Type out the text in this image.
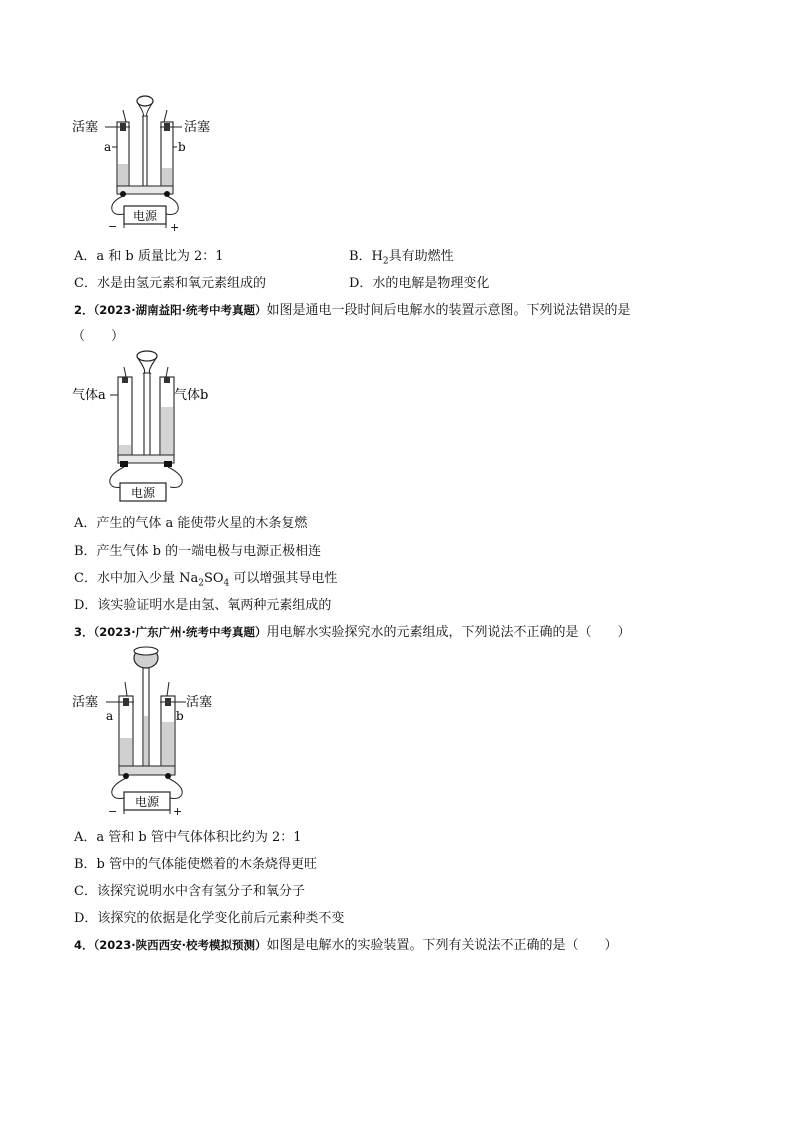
电源
−	+
活塞	活塞
a	b
A．a 和 b 质量比为 2：1	B．$H_2$具有助燃性
C．水是由氢元素和氧元素组成的	D．水的电解是物理变化
2．（2023·湖南益阳·统考中考真题）如图是通电一段时间后电解水的装置示意图。下列说法错误的是
（　　）
电源
气体a	气体b
A．产生的气体 a 能使带火星的木条复燃
B．产生气体 b 的一端电极与电源正极相连
C．水中加入少量 $Na_2SO_4$ 可以增强其导电性
D．该实验证明水是由氢、氧两种元素组成的
3．（2023·广东广州·统考中考真题）用电解水实验探究水的元素组成，下列说法不正确的是（　　）
电源
−	+
活塞	活塞
a	b
A．a 管和 b 管中气体体积比约为 2：1
B．b 管中的气体能使燃着的木条烧得更旺
C．该探究说明水中含有氢分子和氧分子
D．该探究的依据是化学变化前后元素种类不变
4．（2023·陕西西安·校考模拟预测）如图是电解水的实验装置。下列有关说法不正确的是（　　）
